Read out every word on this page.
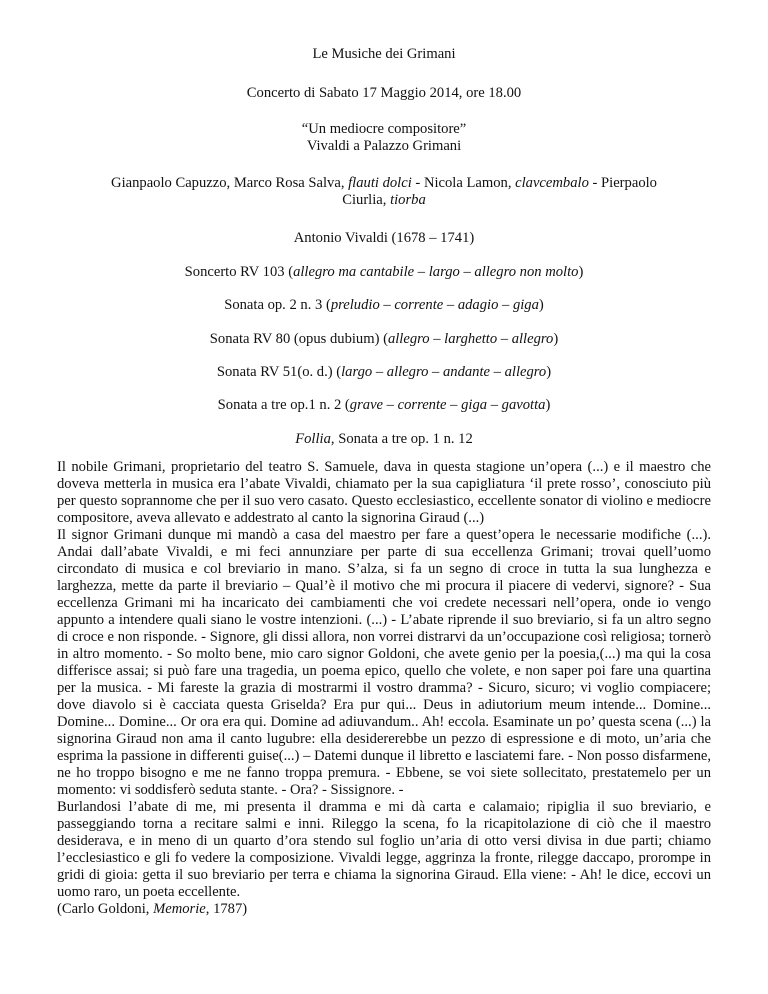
Le Musiche dei Grimani
Concerto di Sabato 17 Maggio 2014, ore 18.00
“Un mediocre compositore”
Vivaldi a Palazzo Grimani
Gianpaolo Capuzzo, Marco Rosa Salva, flauti dolci - Nicola Lamon, clavcembalo - Pierpaolo Ciurlia, tiorba
Antonio Vivaldi (1678 – 1741)
Soncerto RV 103 (allegro ma cantabile – largo – allegro non molto)
Sonata op. 2 n. 3 (preludio – corrente – adagio – giga)
Sonata RV 80 (opus dubium) (allegro – larghetto – allegro)
Sonata RV 51(o. d.) (largo – allegro – andante – allegro)
Sonata a tre op.1 n. 2 (grave – corrente – giga – gavotta)
Follia, Sonata a tre op. 1 n. 12

Il nobile Grimani, proprietario del teatro S. Samuele, dava in questa stagione un’opera (...) e il maestro che doveva metterla in musica era l’abate Vivaldi, chiamato per la sua capigliatura ‘il prete rosso’, conosciuto più per questo soprannome che per il suo vero casato. Questo ecclesiastico, eccellente sonator di violino e mediocre compositore, aveva allevato e addestrato al canto la signorina Giraud (...)

Il signor Grimani dunque mi mandò a casa del maestro per fare a quest’opera le necessarie modifiche (...). Andai dall’abate Vivaldi, e mi feci annunziare per parte di sua eccellenza Grimani; trovai quell’uomo circondato di musica e col breviario in mano. S’alza, si fa un segno di croce in tutta la sua lunghezza e larghezza, mette da parte il breviario – Qual’è il motivo che mi procura il piacere di vedervi, signore? - Sua eccellenza Grimani mi ha incaricato dei cambiamenti che voi credete necessari nell’opera, onde io vengo appunto a intendere quali siano le vostre intenzioni. (...) - L’abate riprende il suo breviario, si fa un altro segno di croce e non risponde. - Signore, gli dissi allora, non vorrei distrarvi da un’occupazione così religiosa; tornerò in altro momento. - So molto bene, mio caro signor Goldoni, che avete genio per la poesia,(...) ma qui la cosa differisce assai; si può fare una tragedia, un poema epico, quello che volete, e non saper poi fare una quartina per la musica. - Mi fareste la grazia di mostrarmi il vostro dramma? - Sicuro, sicuro; vi voglio compiacere; dove diavolo si è cacciata questa Griselda? Era pur qui... Deus in adiutorium meum intende... Domine... Domine... Domine... Or ora era qui. Domine ad adiuvandum.. Ah! eccola. Esaminate un po’ questa scena (...) la signorina Giraud non ama il canto lugubre: ella desidererebbe un pezzo di espressione e di moto, un’aria che esprima la passione in differenti guise(...) – Datemi dunque il libretto e lasciatemi fare. - Non posso disfarmene, ne ho troppo bisogno e me ne fanno troppa premura. - Ebbene, se voi siete sollecitato, prestatemelo per un momento: vi soddisferò seduta stante. - Ora? - Sissignore. -

Burlandosi l’abate di me, mi presenta il dramma e mi dà carta e calamaio; ripiglia il suo breviario, e passeggiando torna a recitare salmi e inni. Rileggo la scena, fo la ricapitolazione di ciò che il maestro desiderava, e in meno di un quarto d’ora stendo sul foglio un’aria di otto versi divisa in due parti; chiamo l’ecclesiastico e gli fo vedere la composizione. Vivaldi legge, aggrinza la fronte, rilegge daccapo, prorompe in gridi di gioia: getta il suo breviario per terra e chiama la signorina Giraud. Ella viene: - Ah! le dice, eccovi un uomo raro, un poeta eccellente.

(Carlo Goldoni, Memorie, 1787)
